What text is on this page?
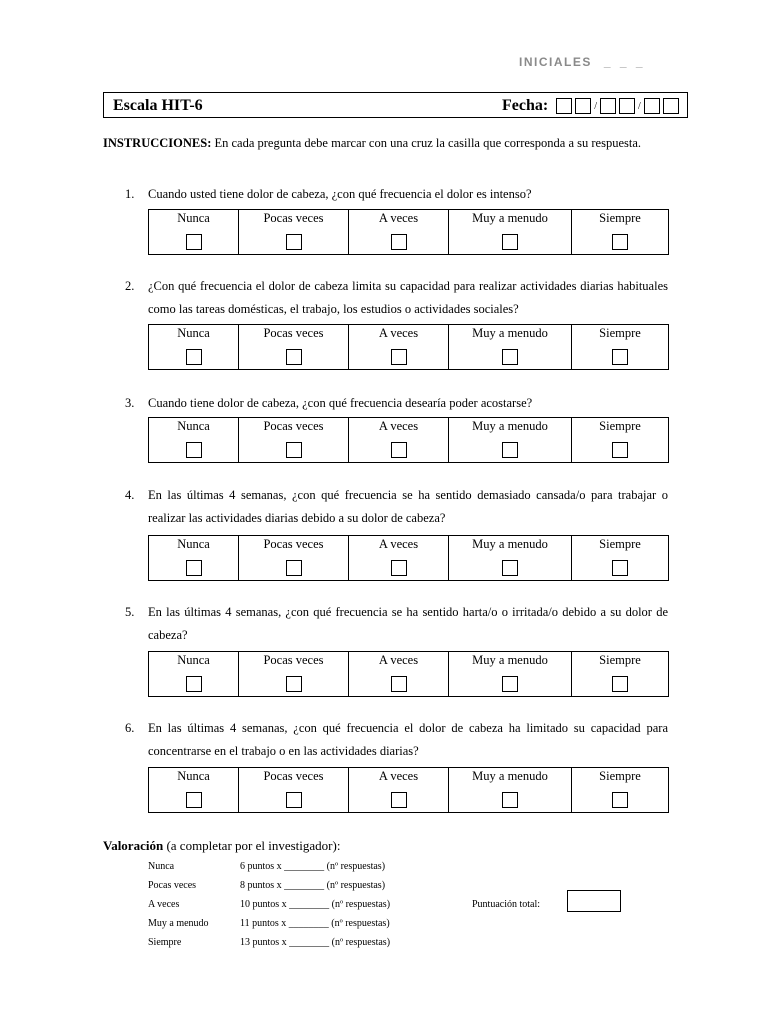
INICIALES _ _ _
Escala HIT-6	Fecha:	/	/
INSTRUCCIONES: En cada pregunta debe marcar con una cruz la casilla que corresponda a su respuesta.
1. Cuando usted tiene dolor de cabeza, ¿con qué frecuencia el dolor es intenso?
Nunca	Pocas veces	A veces	Muy a menudo	Siempre
2. ¿Con qué frecuencia el dolor de cabeza limita su capacidad para realizar actividades diarias habituales como las tareas domésticas, el trabajo, los estudios o actividades sociales?
Nunca	Pocas veces	A veces	Muy a menudo	Siempre
3. Cuando tiene dolor de cabeza, ¿con qué frecuencia desearía poder acostarse?
Nunca	Pocas veces	A veces	Muy a menudo	Siempre
4. En las últimas 4 semanas, ¿con qué frecuencia se ha sentido demasiado cansada/o para trabajar o realizar las actividades diarias debido a su dolor de cabeza?
Nunca	Pocas veces	A veces	Muy a menudo	Siempre
5. En las últimas 4 semanas, ¿con qué frecuencia se ha sentido harta/o o irritada/o debido a su dolor de cabeza?
Nunca	Pocas veces	A veces	Muy a menudo	Siempre
6. En las últimas 4 semanas, ¿con qué frecuencia el dolor de cabeza ha limitado su capacidad para concentrarse en el trabajo o en las actividades diarias?
Nunca	Pocas veces	A veces	Muy a menudo	Siempre
Valoración (a completar por el investigador):
Nunca	6 puntos x ________ (nº respuestas)
Pocas veces	8 puntos x ________ (nº respuestas)
A veces	10 puntos x ________ (nº respuestas)
Muy a menudo	11 puntos x ________ (nº respuestas)
Siempre	13 puntos x ________ (nº respuestas)
Puntuación total:
